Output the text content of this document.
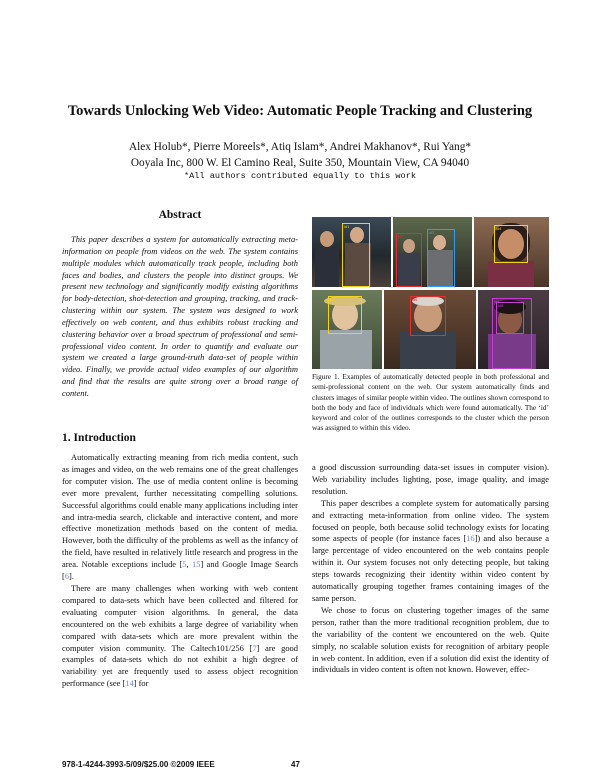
Towards Unlocking Web Video: Automatic People Tracking and Clustering
Alex Holub*, Pierre Moreels*, Atiq Islam*, Andrei Makhanov*, Rui Yang*
Ooyala Inc, 800 W. El Camino Real, Suite 350, Mountain View, CA 94040
*All authors contributed equally to this work
Abstract

This paper describes a system for automatically extracting meta-information on people from videos on the web. The system contains multiple modules which automatically track people, including both faces and bodies, and clusters the people into distinct groups. We present new technology and significantly modify existing algorithms for body-detection, shot-detection and grouping, tracking, and track-clustering within our system. The system was designed to work effectively on web content, and thus exhibits robust tracking and clustering behavior over a broad spectrum of professional and semi-professional video content. In order to quantify and evaluate our system we created a large ground-truth data-set of people within video. Finally, we provide actual video examples of our algorithm and find that the results are quite strong over a broad range of content.

1. Introduction

Automatically extracting meaning from rich media content, such as images and video, on the web remains one of the great challenges for computer vision. The use of media content online is becoming ever more prevalent, further necessitating compelling solutions. Successful algorithms could enable many applications including inter and intra-media search, clickable and interactive content, and more effective monetization methods based on the content of media. However, both the difficulty of the problems as well as the infancy of the field, have resulted in relatively little research and progress in the area. Notable exceptions include [5, 15] and Google Image Search [6].

There are many challenges when working with web content compared to data-sets which have been collected and filtered for evaluating computer vision algorithms. In general, the data encountered on the web exhibits a large degree of variability when compared with data-sets which are more prevalent within the computer vision community. The Caltech101/256 [7] are good examples of data-sets which do not exhibit a high degree of variability yet are frequently used to assess object recognition performance (see [14] for

id1
id2
id3
id4
id5	id6	id7
id8
Figure 1. Examples of automatically detected people in both professional and semi-professional content on the web. Our system automatically finds and clusters images of similar people within video. The outlines shown correspond to both the body and face of individuals which were found automatically. The ‘id’ keyword and color of the outlines corresponds to the cluster which the person was assigned to within this video.

a good discussion surrounding data-set issues in computer vision). Web variability includes lighting, pose, image quality, and image resolution.

This paper describes a complete system for automatically parsing and extracting meta-information from online video. The system focused on people, both because solid technology exists for locating some aspects of people (for instance faces [16]) and also because a large percentage of video encountered on the web contains people within it. Our system focuses not only detecting people, but taking steps towards recognizing their identity within video content by automatically grouping together frames containing images of the same person.

We chose to focus on clustering together images of the same person, rather than the more traditional recognition problem, due to the variability of the content we encountered on the web. Quite simply, no scalable solution exists for recognition of arbitary people in web content. In addition, even if a solution did exist the identity of individuals in video content is often not known. However, effec-

978-1-4244-3993-5/09/$25.00 ©2009 IEEE	47
